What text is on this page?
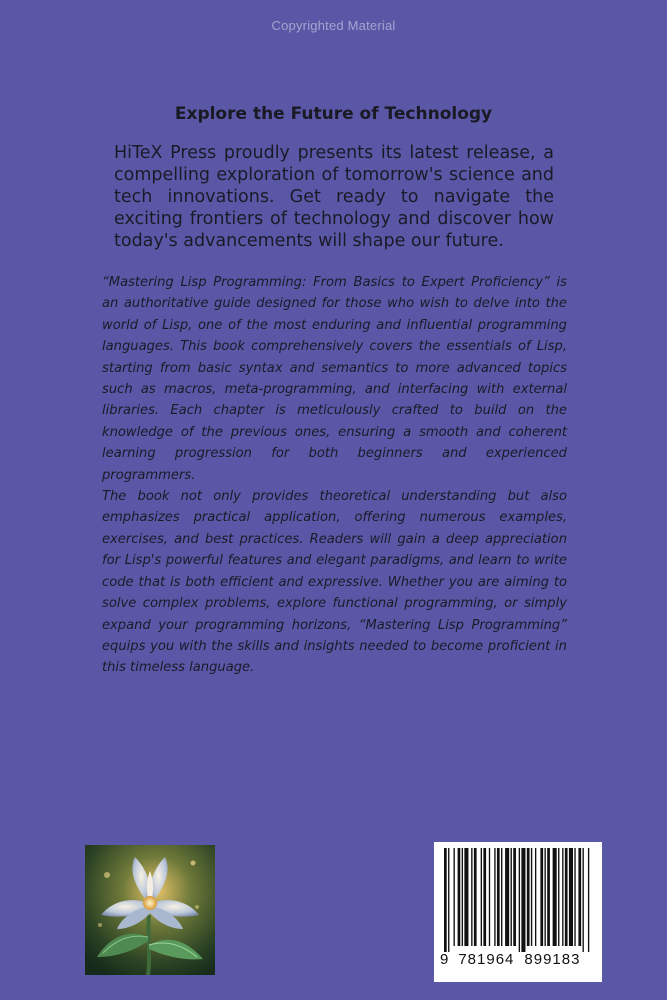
Copyrighted Material
Explore the Future of Technology
HiTeX Press proudly presents its latest release, a compelling exploration of tomorrow's science and tech innovations. Get ready to navigate the exciting frontiers of technology and discover how today's advancements will shape our future.

“Mastering Lisp Programming: From Basics to Expert Proficiency” is an authoritative guide designed for those who wish to delve into the world of Lisp, one of the most enduring and influential programming languages. This book comprehensively covers the essentials of Lisp, starting from basic syntax and semantics to more advanced topics such as macros, meta-programming, and interfacing with external libraries. Each chapter is meticulously crafted to build on the knowledge of the previous ones, ensuring a smooth and coherent learning progression for both beginners and experienced programmers.

The book not only provides theoretical understanding but also emphasizes practical application, offering numerous examples, exercises, and best practices. Readers will gain a deep appreciation for Lisp's powerful features and elegant paradigms, and learn to write code that is both efficient and expressive. Whether you are aiming to solve complex problems, explore functional programming, or simply expand your programming horizons, “Mastering Lisp Programming” equips you with the skills and insights needed to become proficient in this timeless language.

9 781964 899183
